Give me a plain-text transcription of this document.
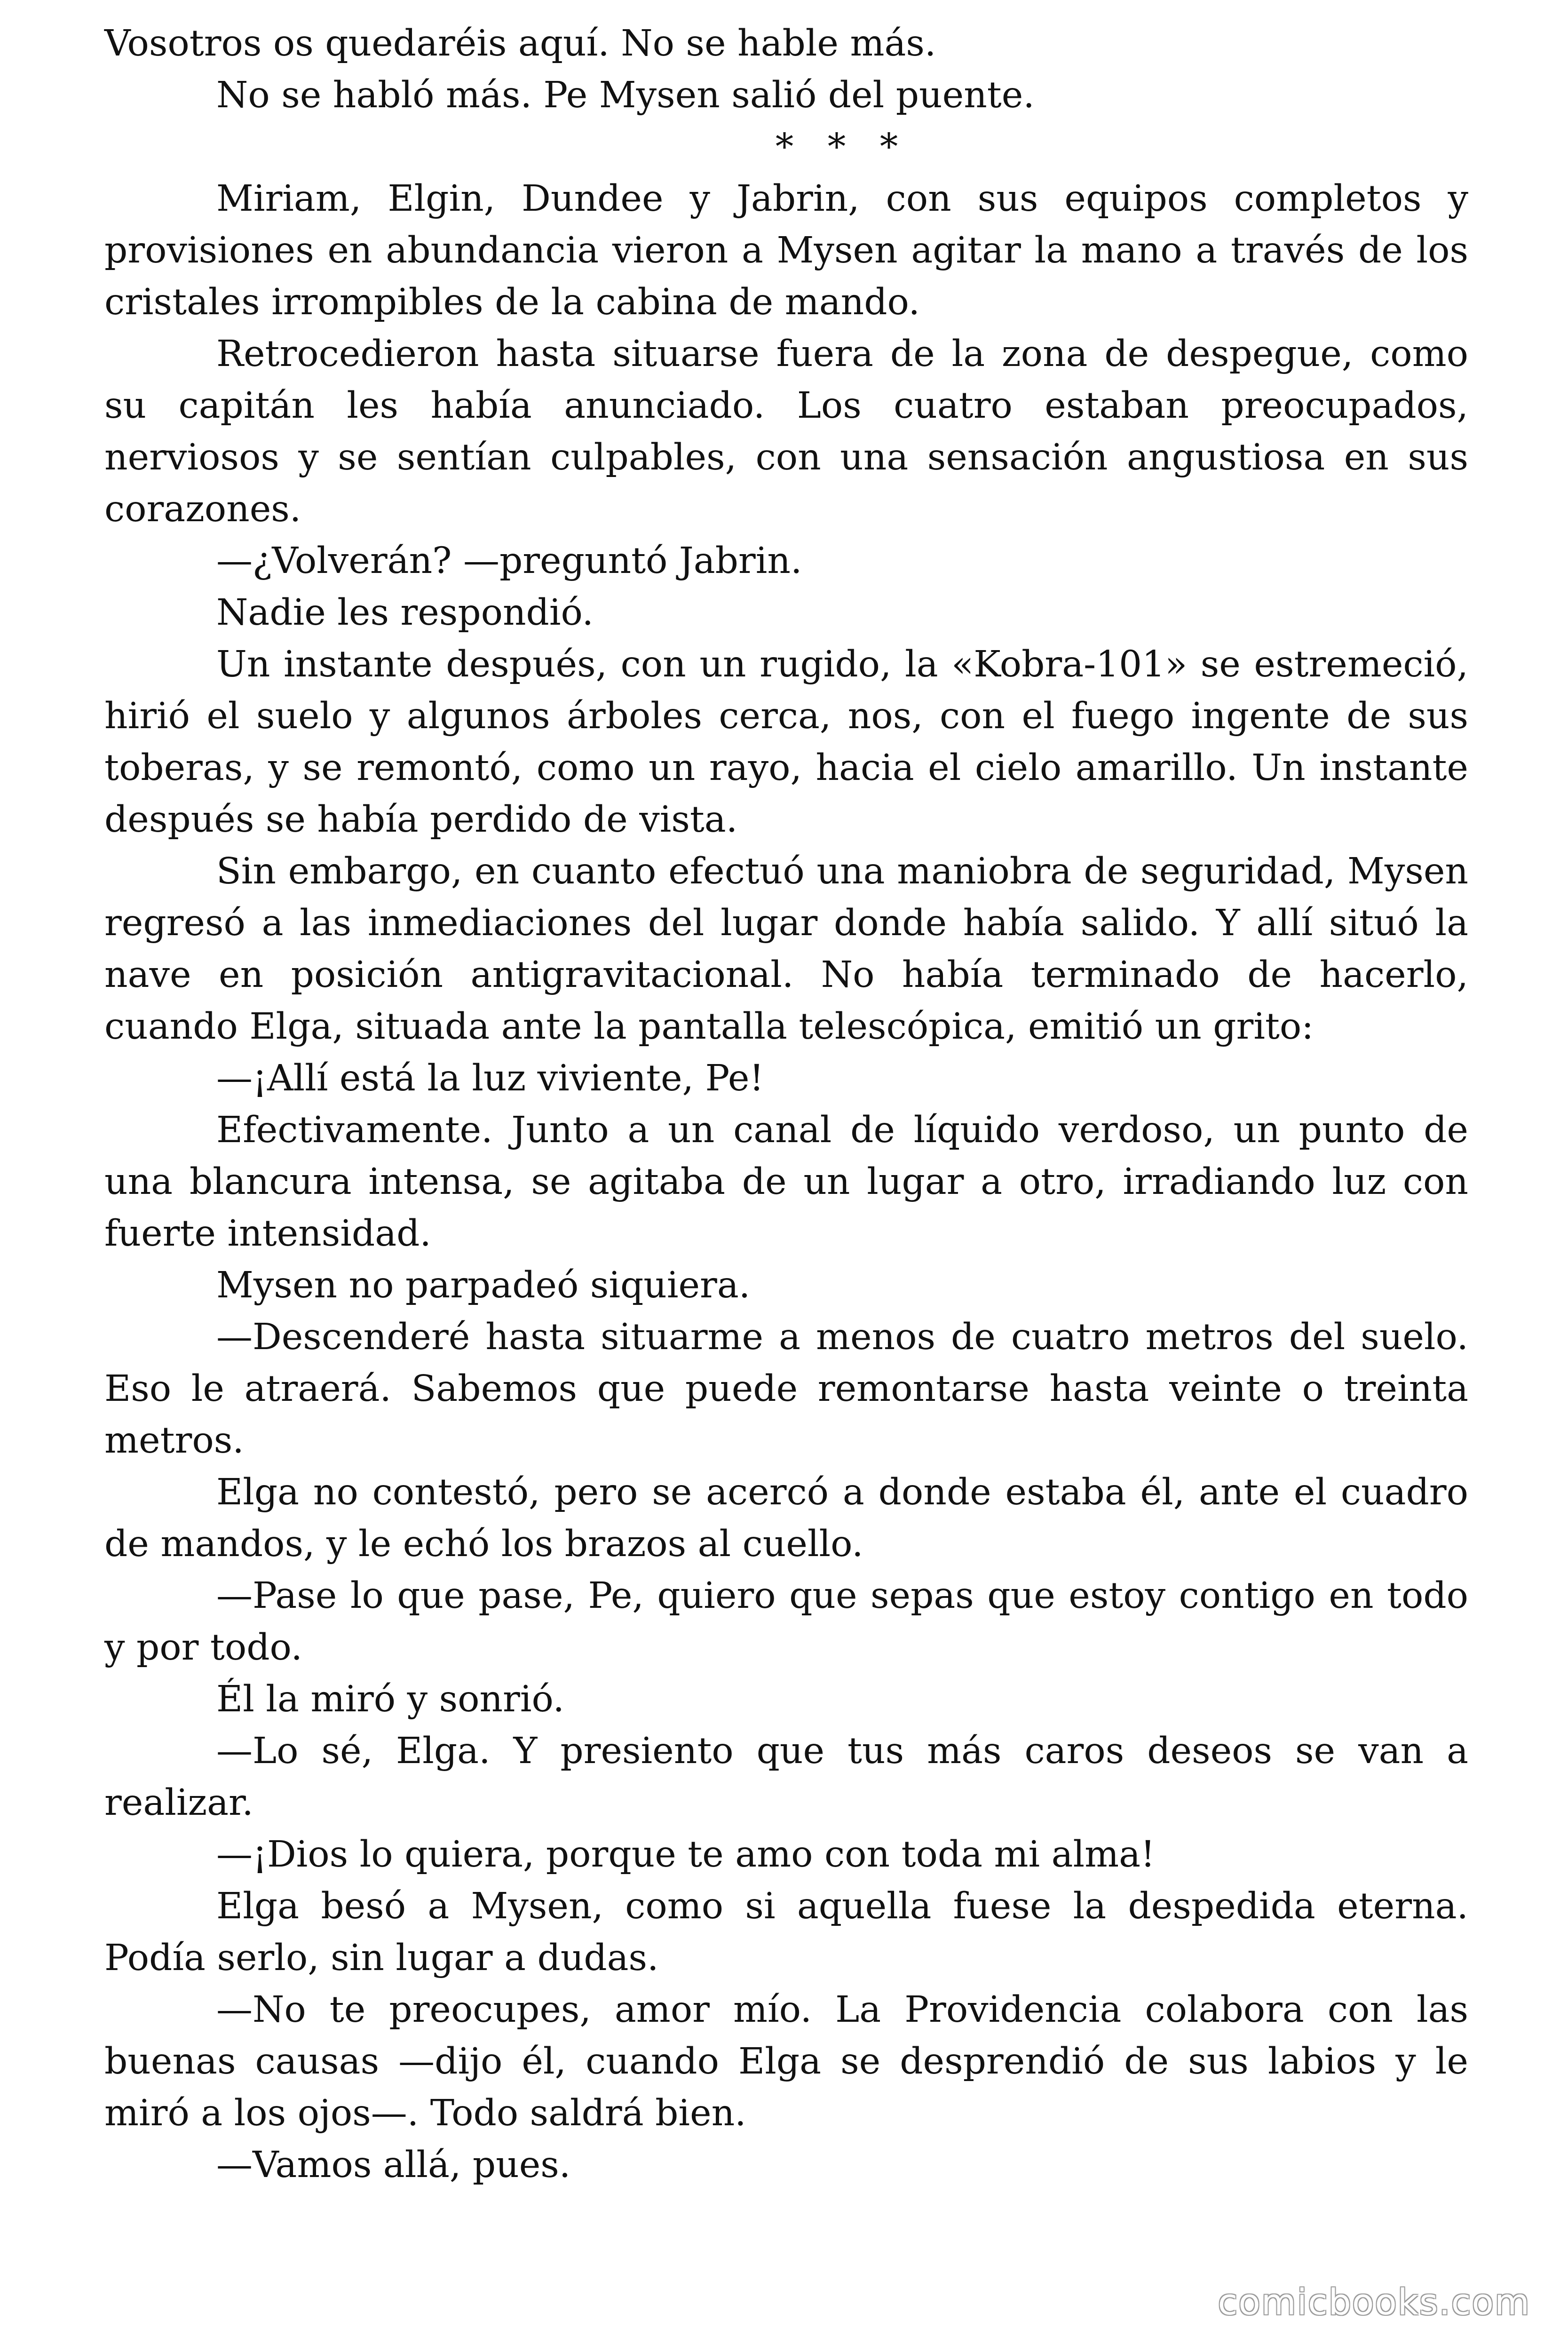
Vosotros os quedaréis aquí. No se hable más.

No se habló más. Pe Mysen salió del puente.

* * *

Miriam, Elgin, Dundee y Jabrin, con sus equipos completos y provisiones en abundancia vieron a Mysen agitar la mano a través de los cristales irrompibles de la cabina de mando.

Retrocedieron hasta situarse fuera de la zona de despegue, como su capitán les había anunciado. Los cuatro estaban preocupados, nerviosos y se sentían culpables, con una sensación angustiosa en sus corazones.

—¿Volverán? —preguntó Jabrin.

Nadie les respondió.

Un instante después, con un rugido, la «Kobra-101» se estremeció, hirió el suelo y algunos árboles cerca, nos, con el fuego ingente de sus toberas, y se remontó, como un rayo, hacia el cielo amarillo. Un instante después se había perdido de vista.

Sin embargo, en cuanto efectuó una maniobra de seguridad, Mysen regresó a las inmediaciones del lugar donde había salido. Y allí situó la nave en posición antigravitacional. No había terminado de hacerlo, cuando Elga, situada ante la pantalla telescópica, emitió un grito:

—¡Allí está la luz viviente, Pe!

Efectivamente. Junto a un canal de líquido verdoso, un punto de una blancura intensa, se agitaba de un lugar a otro, irradiando luz con fuerte intensidad.

Mysen no parpadeó siquiera.

—Descenderé hasta situarme a menos de cuatro metros del suelo. Eso le atraerá. Sabemos que puede remontarse hasta veinte o treinta metros.

Elga no contestó, pero se acercó a donde estaba él, ante el cuadro de mandos, y le echó los brazos al cuello.

—Pase lo que pase, Pe, quiero que sepas que estoy contigo en todo y por todo.

Él la miró y sonrió.

—Lo sé, Elga. Y presiento que tus más caros deseos se van a realizar.

—¡Dios lo quiera, porque te amo con toda mi alma!

Elga besó a Mysen, como si aquella fuese la despedida eterna. Podía serlo, sin lugar a dudas.

—No te preocupes, amor mío. La Providencia colabora con las buenas causas —dijo él, cuando Elga se desprendió de sus labios y le miró a los ojos—. Todo saldrá bien.

—Vamos allá, pues.

comicbooks.com
